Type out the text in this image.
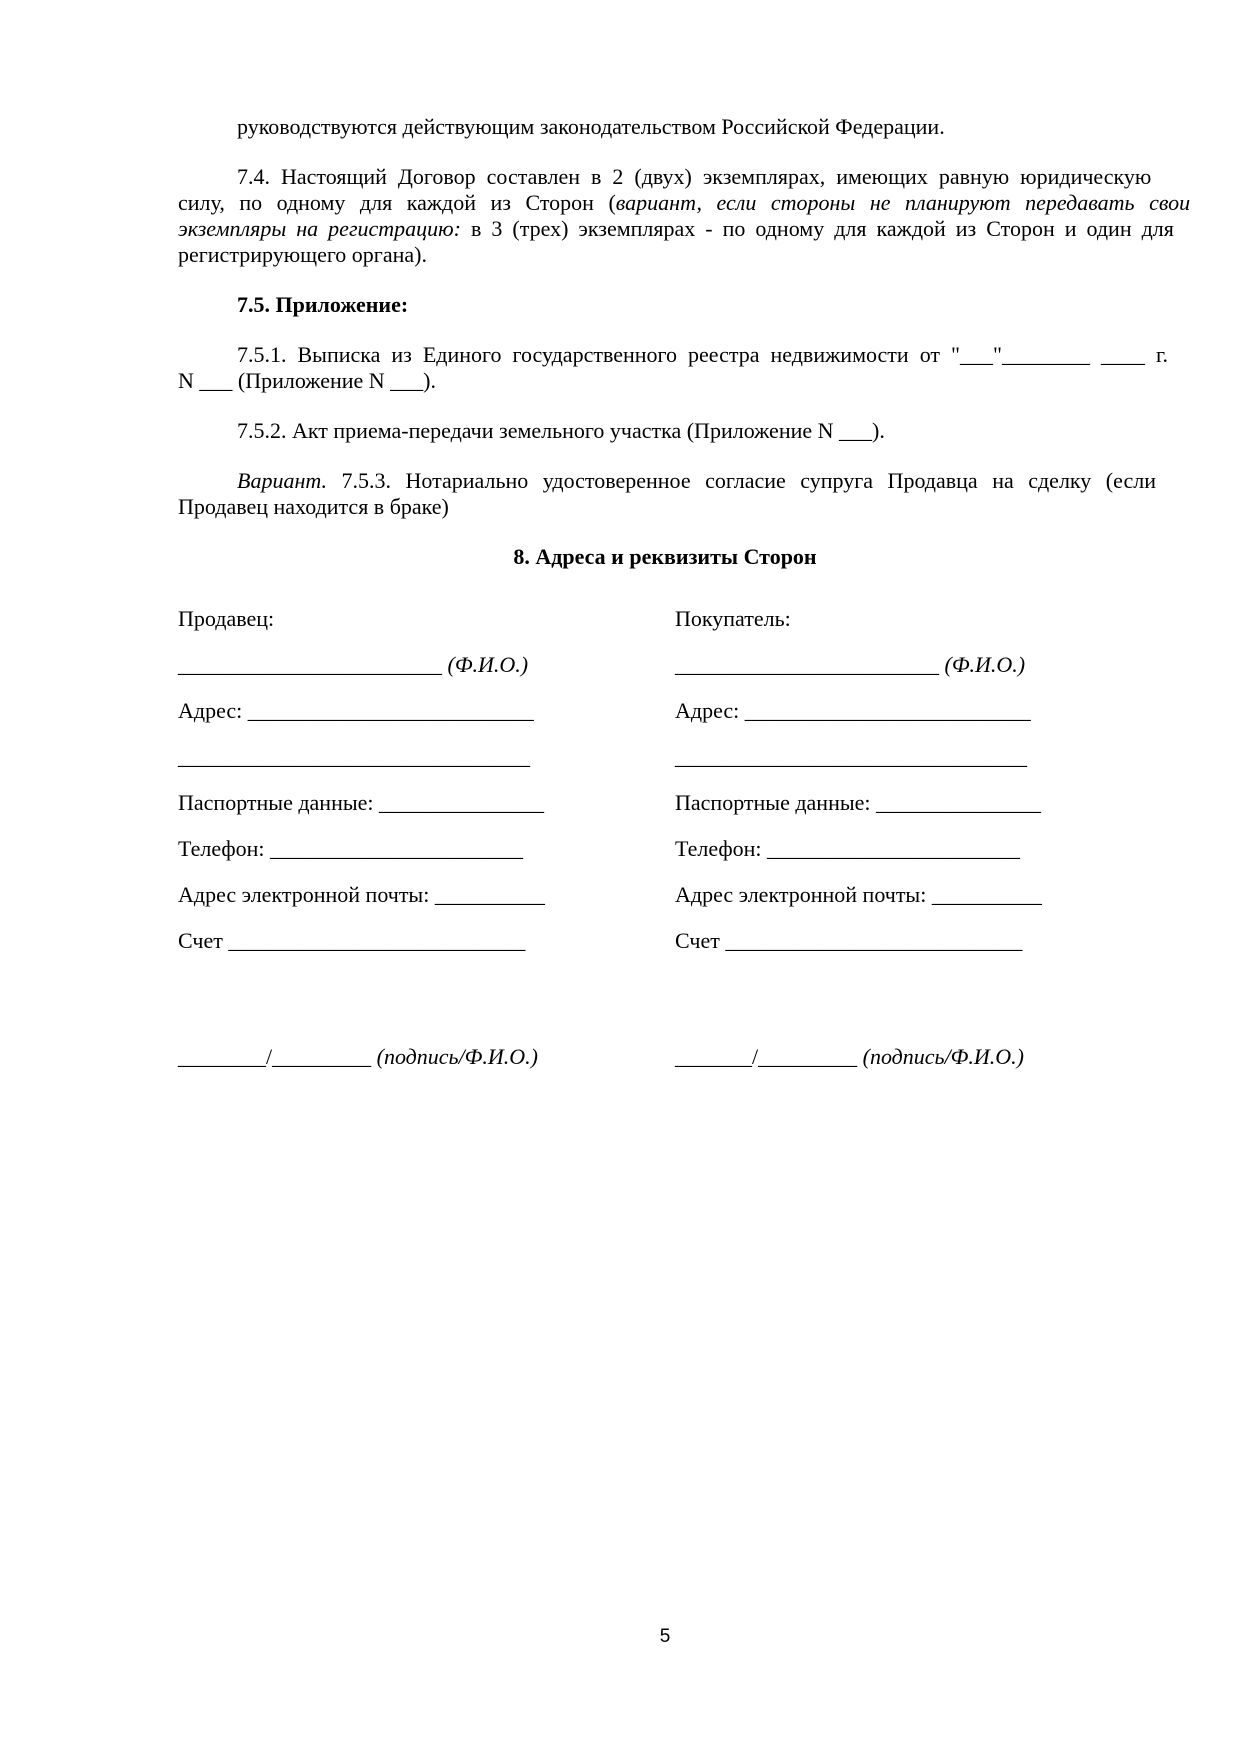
руководствуются действующим законодательством Российской Федерации.

7.4. Настоящий Договор составлен в 2 (двух) экземплярах, имеющих равную юридическую
силу, по одному для каждой из Сторон (вариант, если стороны не планируют передавать свои
экземпляры на регистрацию: в 3 (трех) экземплярах - по одному для каждой из Сторон и один для
регистрирующего органа).

7.5. Приложение:

7.5.1. Выписка из Единого государственного реестра недвижимости от "___"________ ____ г.
N ___ (Приложение N ___).

7.5.2. Акт приема-передачи земельного участка (Приложение N ___).

Вариант. 7.5.3. Нотариально удостоверенное согласие супруга Продавца на сделку (если
Продавец находится в браке)

8. Адреса и реквизиты Сторон

Продавец:
________________________ (Ф.И.О.)
Адрес: __________________________
________________________________
Паспортные данные: _______________
Телефон: _______________________
Адрес электронной почты: __________
Счет ___________________________
________/_________ (подпись/Ф.И.О.)
Покупатель:
________________________ (Ф.И.О.)
Адрес: __________________________
________________________________
Паспортные данные: _______________
Телефон: _______________________
Адрес электронной почты: __________
Счет ___________________________
_______/_________ (подпись/Ф.И.О.)
5
